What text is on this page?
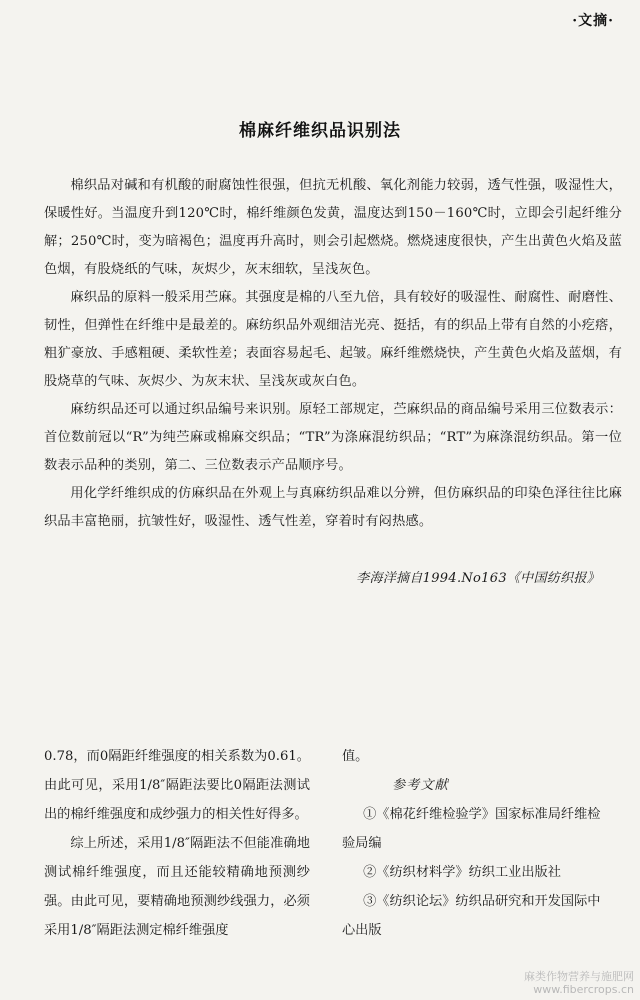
·文摘·
棉麻纤维织品识别法

棉织品对碱和有机酸的耐腐蚀性很强，但抗无机酸、氧化剂能力较弱，透气性强，吸湿性大，保暖性好。当温度升到120℃时，棉纤维颜色发黄，温度达到150－160℃时，立即会引起纤维分解；250℃时，变为暗褐色；温度再升高时，则会引起燃烧。燃烧速度很快，产生出黄色火焰及蓝色烟，有股烧纸的气味，灰烬少，灰末细软，呈浅灰色。

麻织品的原料一般采用苎麻。其强度是棉的八至九倍，具有较好的吸湿性、耐腐性、耐磨性、韧性，但弹性在纤维中是最差的。麻纺织品外观细洁光亮、挺括，有的织品上带有自然的小疙瘩，粗犷豪放、手感粗硬、柔软性差；表面容易起毛、起皱。麻纤维燃烧快，产生黄色火焰及蓝烟，有股烧草的气味、灰烬少、为灰末状、呈浅灰或灰白色。

麻纺织品还可以通过织品编号来识别。原轻工部规定，苎麻织品的商品编号采用三位数表示：首位数前冠以“R”为纯苎麻或棉麻交织品；“TR”为涤麻混纺织品；“RT”为麻涤混纺织品。第一位数表示品种的类别，第二、三位数表示产品顺序号。

用化学纤维织成的仿麻织品在外观上与真麻纺织品难以分辨，但仿麻织品的印染色泽往往比麻织品丰富艳丽，抗皱性好，吸湿性、透气性差，穿着时有闷热感。

李海洋摘自1994.No163《中国纺织报》

0.78，而0隔距纤维强度的相关系数为0.61。由此可见，采用1/8″隔距法要比0隔距法测试出的棉纤维强度和成纱强力的相关性好得多。

综上所述，采用1/8″隔距法不但能准确地测试棉纤维强度，而且还能较精确地预测纱强。由此可见，要精确地预测纱线强力，必须采用1/8″隔距法测定棉纤维强度

值。

参考文献

①《棉花纤维检验学》国家标准局纤维检验局编

②《纺织材料学》纺织工业出版社

③《纺织论坛》纺织品研究和开发国际中心出版

麻类作物营养与施肥网
www.fibercrops.cn
